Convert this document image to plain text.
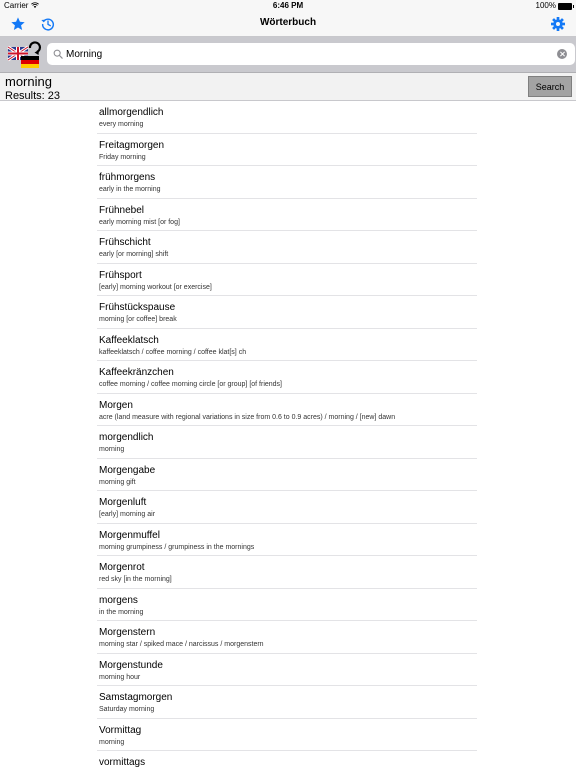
Carrier	6:46 PM	100%
Wörterbuch
Morning
morning
Results: 23
Search
allmorgendlich
every morning
Freitagmorgen
Friday morning
frühmorgens
early in the morning
Frühnebel
early morning mist [or fog]
Frühschicht
early [or morning] shift
Frühsport
[early] morning workout [or exercise]
Frühstückspause
morning [or coffee] break
Kaffeeklatsch
kaffeeklatsch / coffee morning / coffee klat[s] ch
Kaffeekränzchen
coffee morning / coffee morning circle [or group] [of friends]
Morgen
acre (land measure with regional variations in size from 0.6 to 0.9 acres) / morning / [new] dawn
morgendlich
morning
Morgengabe
morning gift
Morgenluft
[early] morning air
Morgenmuffel
morning grumpiness / grumpiness in the mornings
Morgenrot
red sky [in the morning]
morgens
in the morning
Morgenstern
morning star / spiked mace / narcissus / morgenstern
Morgenstunde
morning hour
Samstagmorgen
Saturday morning
Vormittag
morning
vormittags
